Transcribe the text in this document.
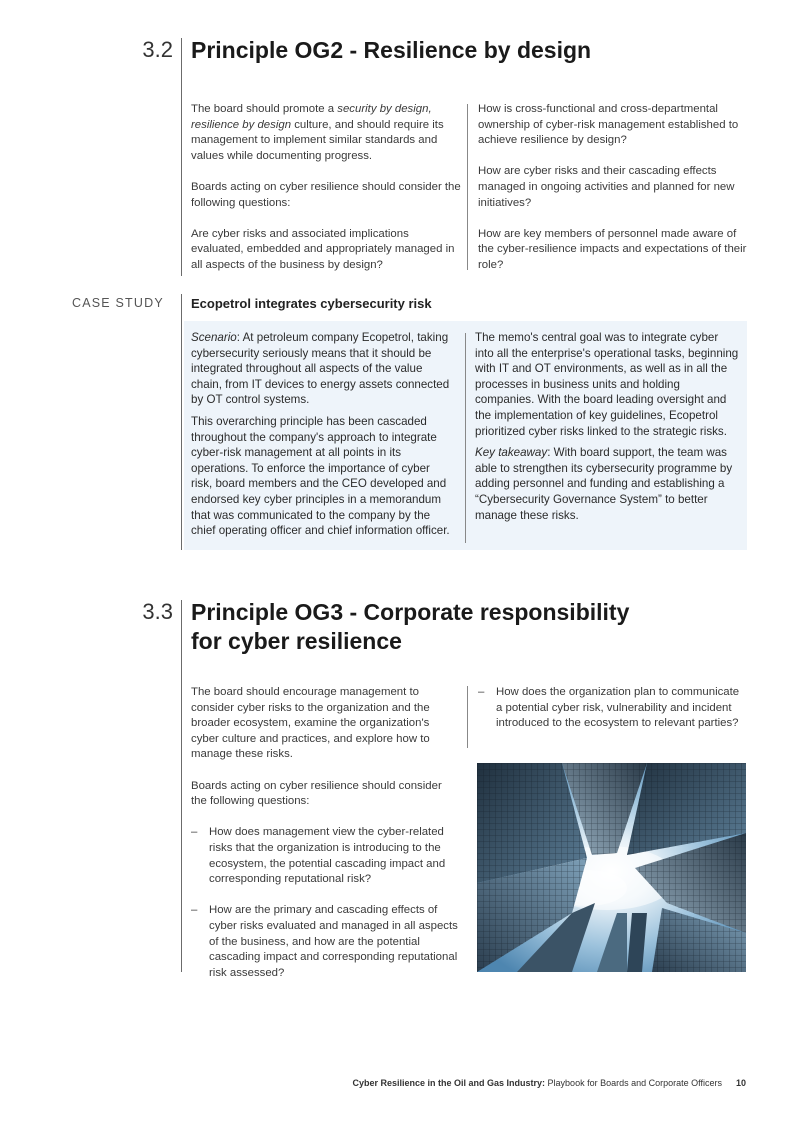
3.2 Principle OG2 - Resilience by design

The board should promote a security by design, resilience by design culture, and should require its management to implement similar standards and values while documenting progress.

Boards acting on cyber resilience should consider the following questions:

Are cyber risks and associated implications evaluated, embedded and appropriately managed in all aspects of the business by design?

How is cross-functional and cross-departmental ownership of cyber-risk management established to achieve resilience by design?

How are cyber risks and their cascading effects managed in ongoing activities and planned for new initiatives?

How are key members of personnel made aware of the cyber-resilience impacts and expectations of their role?

CASE STUDY Ecopetrol integrates cybersecurity risk

Scenario: At petroleum company Ecopetrol, taking cybersecurity seriously means that it should be integrated throughout all aspects of the value chain, from IT devices to energy assets connected by OT control systems.

This overarching principle has been cascaded throughout the company's approach to integrate cyber-risk management at all points in its operations. To enforce the importance of cyber risk, board members and the CEO developed and endorsed key cyber principles in a memorandum that was communicated to the company by the chief operating officer and chief information officer.

The memo's central goal was to integrate cyber into all the enterprise's operational tasks, beginning with IT and OT environments, as well as in all the processes in business units and holding companies. With the board leading oversight and the implementation of key guidelines, Ecopetrol prioritized cyber risks linked to the strategic risks.

Key takeaway: With board support, the team was able to strengthen its cybersecurity programme by adding personnel and funding and establishing a “Cybersecurity Governance System” to better manage these risks.

3.3 Principle OG3 - Corporate responsibility
for cyber resilience

The board should encourage management to consider cyber risks to the organization and the broader ecosystem, examine the organization's cyber culture and practices, and explore how to manage these risks.

Boards acting on cyber resilience should consider the following questions:

–	How does management view the cyber-related risks that the organization is introducing to the ecosystem, the potential cascading impact and corresponding reputational risk?
–	How are the primary and cascading effects of cyber risks evaluated and managed in all aspects of the business, and how are the potential cascading impact and corresponding reputational risk assessed?
–	How does the organization plan to communicate a potential cyber risk, vulnerability and incident introduced to the ecosystem to relevant parties?
Cyber Resilience in the Oil and Gas Industry: Playbook for Boards and Corporate Officers 10
